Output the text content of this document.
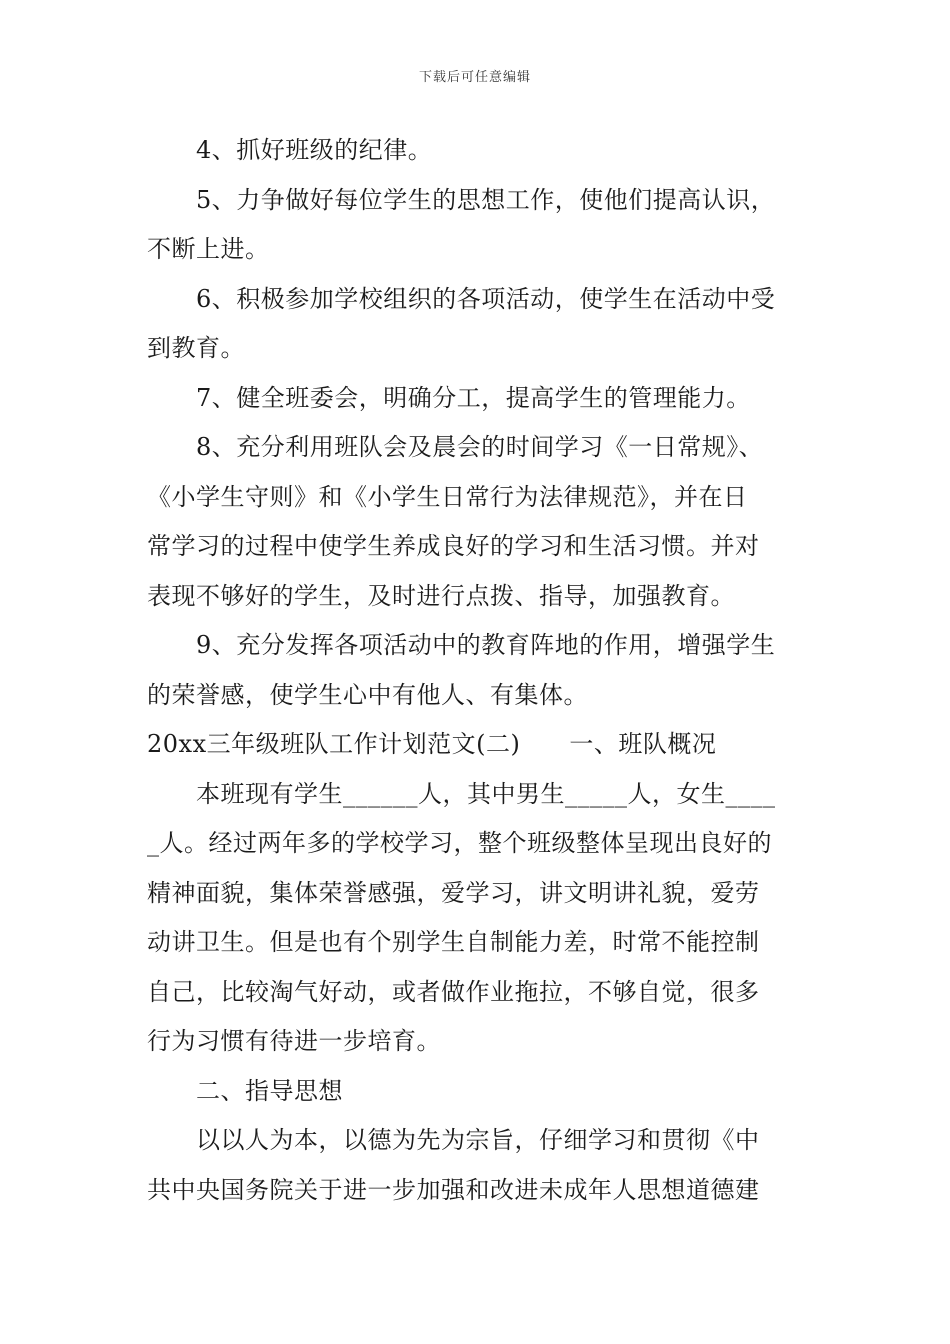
下载后可任意编辑
4、抓好班级的纪律。
5、力争做好每位学生的思想工作，使他们提高认识，
不断上进。
6、积极参加学校组织的各项活动，使学生在活动中受
到教育。
7、健全班委会，明确分工，提高学生的管理能力。
8、充分利用班队会及晨会的时间学习《一日常规》、
《小学生守则》和《小学生日常行为法律规范》，并在日
常学习的过程中使学生养成良好的学习和生活习惯。并对
表现不够好的学生，及时进行点拨、指导，加强教育。
9、充分发挥各项活动中的教育阵地的作用，增强学生
的荣誉感，使学生心中有他人、有集体。
20xx三年级班队工作计划范文(二)　　一、班队概况
本班现有学生______人，其中男生_____人，女生____
_人。经过两年多的学校学习，整个班级整体呈现出良好的
精神面貌，集体荣誉感强，爱学习，讲文明讲礼貌，爱劳
动讲卫生。但是也有个别学生自制能力差，时常不能控制
自己，比较淘气好动，或者做作业拖拉，不够自觉，很多
行为习惯有待进一步培育。
二、指导思想
以以人为本，以德为先为宗旨，仔细学习和贯彻《中
共中央国务院关于进一步加强和改进未成年人思想道德建
